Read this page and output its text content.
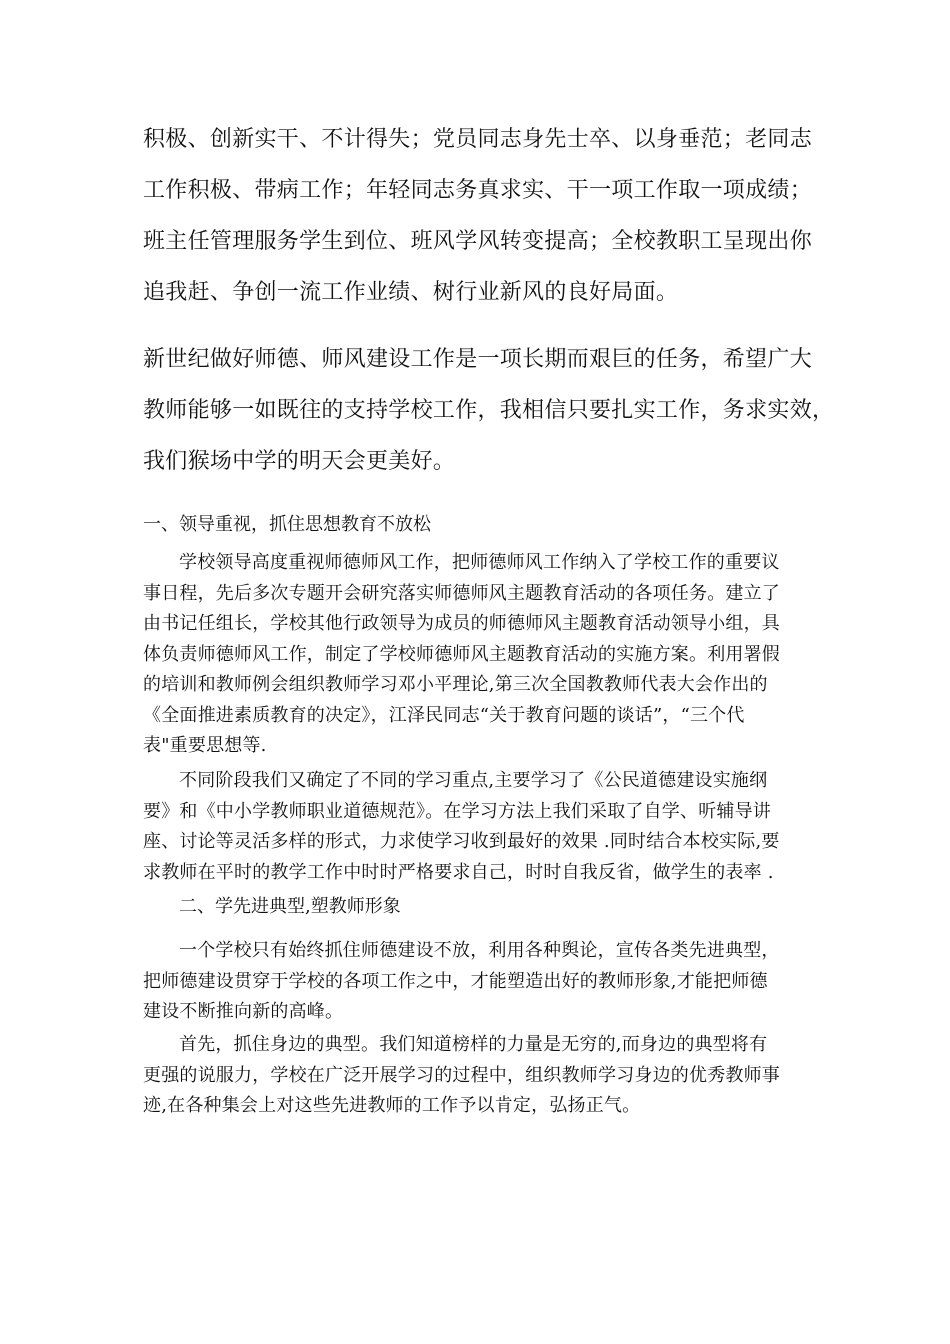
积极、创新实干、不计得失；党员同志身先士卒、以身垂范；老同志
工作积极、带病工作；年轻同志务真求实、干一项工作取一项成绩；
班主任管理服务学生到位、班风学风转变提高；全校教职工呈现出你
追我赶、争创一流工作业绩、树行业新风的良好局面。
新世纪做好师德、师风建设工作是一项长期而艰巨的任务，希望广大
教师能够一如既往的支持学校工作，我相信只要扎实工作，务求实效，
我们猴场中学的明天会更美好。
一、领导重视，抓住思想教育不放松
学校领导高度重视师德师风工作，把师德师风工作纳入了学校工作的重要议
事日程，先后多次专题开会研究落实师德师风主题教育活动的各项任务。建立了
由书记任组长，学校其他行政领导为成员的师德师风主题教育活动领导小组，具
体负责师德师风工作，制定了学校师德师风主题教育活动的实施方案。利用署假
的培训和教师例会组织教师学习邓小平理论,第三次全国教教师代表大会作出的
《全面推进素质教育的决定》，江泽民同志“关于教育问题的谈话”，“三个代
表"重要思想等.
不同阶段我们又确定了不同的学习重点,主要学习了《公民道德建设实施纲
要》和《中小学教师职业道德规范》。在学习方法上我们采取了自学、听辅导讲
座、讨论等灵活多样的形式，力求使学习收到最好的效果 .同时结合本校实际,要
求教师在平时的教学工作中时时严格要求自己，时时自我反省，做学生的表率 .
二、学先进典型,塑教师形象
一个学校只有始终抓住师德建设不放，利用各种舆论，宣传各类先进典型，
把师德建设贯穿于学校的各项工作之中，才能塑造出好的教师形象,才能把师德
建设不断推向新的高峰。
首先，抓住身边的典型。我们知道榜样的力量是无穷的,而身边的典型将有
更强的说服力，学校在广泛开展学习的过程中，组织教师学习身边的优秀教师事
迹,在各种集会上对这些先进教师的工作予以肯定，弘扬正气。
